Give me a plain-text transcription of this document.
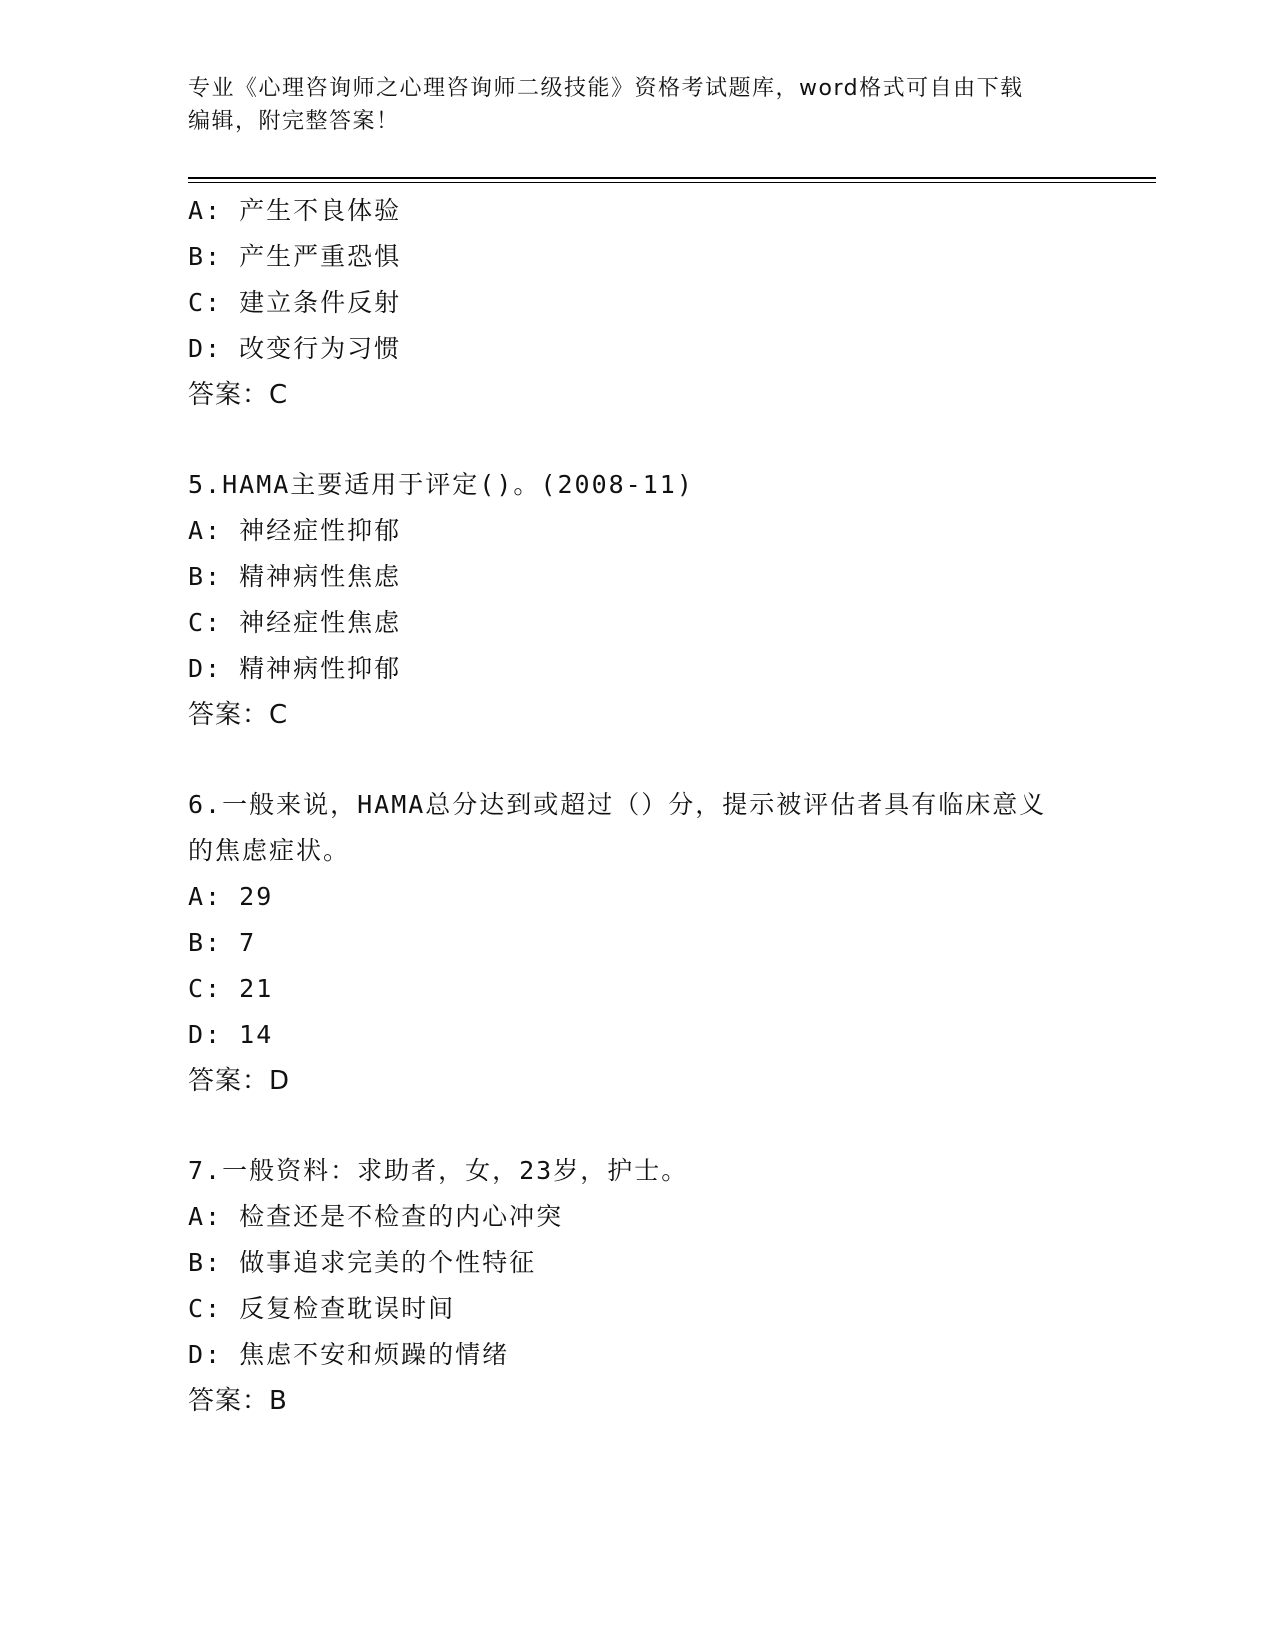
专业《心理咨询师之心理咨询师二级技能》资格考试题库，word格式可自由下载
编辑，附完整答案！
A: 产生不良体验
B: 产生严重恐惧
C: 建立条件反射
D: 改变行为习惯
答案：C
5.HAMA主要适用于评定()。(2008-11)
A: 神经症性抑郁
B: 精神病性焦虑
C: 神经症性焦虑
D: 精神病性抑郁
答案：C
6.一般来说，HAMA总分达到或超过（）分，提示被评估者具有临床意义的焦虑症状。
A: 29
B: 7
C: 21
D: 14
答案：D
7.一般资料：求助者，女，23岁，护士。
A: 检查还是不检查的内心冲突
B: 做事追求完美的个性特征
C: 反复检查耽误时间
D: 焦虑不安和烦躁的情绪
答案：B
